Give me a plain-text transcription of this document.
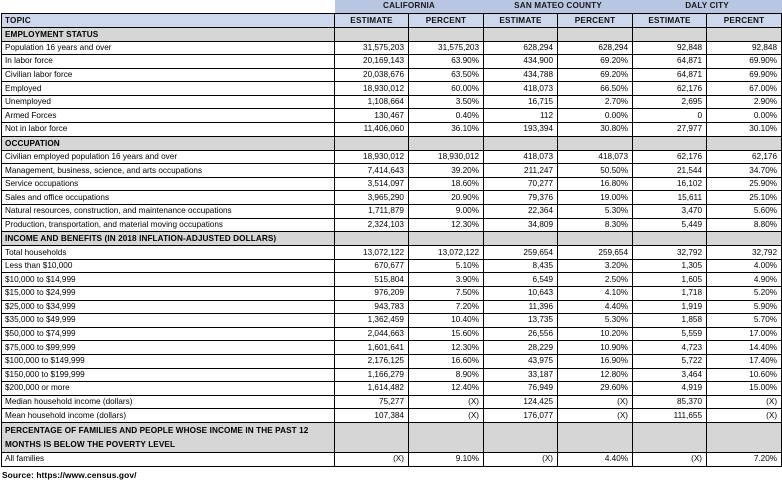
	CALIFORNIA		SAN MATEO COUNTY		DALY CITY	
TOPIC	ESTIMATE	PERCENT	ESTIMATE	PERCENT	ESTIMATE	PERCENT
EMPLOYMENT STATUS						
Population 16 years and over	31,575,203	31,575,203	628,294	628,294	92,848	92,848
In labor force	20,169,143	63.90%	434,900	69.20%	64,871	69.90%
Civilian labor force	20,038,676	63.50%	434,788	69.20%	64,871	69.90%
Employed	18,930,012	60.00%	418,073	66.50%	62,176	67.00%
Unemployed	1,108,664	3.50%	16,715	2.70%	2,695	2.90%
Armed Forces	130,467	0.40%	112	0.00%	0	0.00%
Not in labor force	11,406,060	36.10%	193,394	30.80%	27,977	30.10%
OCCUPATION						
Civilian employed population 16 years and over	18,930,012	18,930,012	418,073	418,073	62,176	62,176
Management, business, science, and arts occupations	7,414,643	39.20%	211,247	50.50%	21,544	34.70%
Service occupations	3,514,097	18.60%	70,277	16.80%	16,102	25.90%
Sales and office occupations	3,965,290	20.90%	79,376	19.00%	15,611	25.10%
Natural resources, construction, and maintenance occupations	1,711,879	9.00%	22,364	5.30%	3,470	5.60%
Production, transportation, and material moving occupations	2,324,103	12.30%	34,809	8.30%	5,449	8.80%
INCOME AND BENEFITS (IN 2018 INFLATION-ADJUSTED DOLLARS)						
Total households	13,072,122	13,072,122	259,654	259,654	32,792	32,792
Less than $10,000	670,677	5.10%	8,435	3.20%	1,305	4.00%
$10,000 to $14,999	515,804	3.90%	6,549	2.50%	1,605	4.90%
$15,000 to $24,999	976,209	7.50%	10,643	4.10%	1,718	5.20%
$25,000 to $34,999	943,783	7.20%	11,396	4.40%	1,919	5.90%
$35,000 to $49,999	1,362,459	10.40%	13,735	5.30%	1,858	5.70%
$50,000 to $74,999	2,044,663	15.60%	26,556	10.20%	5,559	17.00%
$75,000 to $99,999	1,601,641	12.30%	28,229	10.90%	4,723	14.40%
$100,000 to $149,999	2,176,125	16.60%	43,975	16.90%	5,722	17.40%
$150,000 to $199,999	1,166,279	8.90%	33,187	12.80%	3,464	10.60%
$200,000 or more	1,614,482	12.40%	76,949	29.60%	4,919	15.00%
Median household income (dollars)	75,277	(X)	124,425	(X)	85,370	(X)
Mean household income (dollars)	107,384	(X)	176,077	(X)	111,655	(X)
PERCENTAGE OF FAMILIES AND PEOPLE WHOSE INCOME IN THE PAST 12 MONTHS IS BELOW THE POVERTY LEVEL						
All families	(X)	9.10%	(X)	4.40%	(X)	7.20%
Source: https://www.census.gov/
